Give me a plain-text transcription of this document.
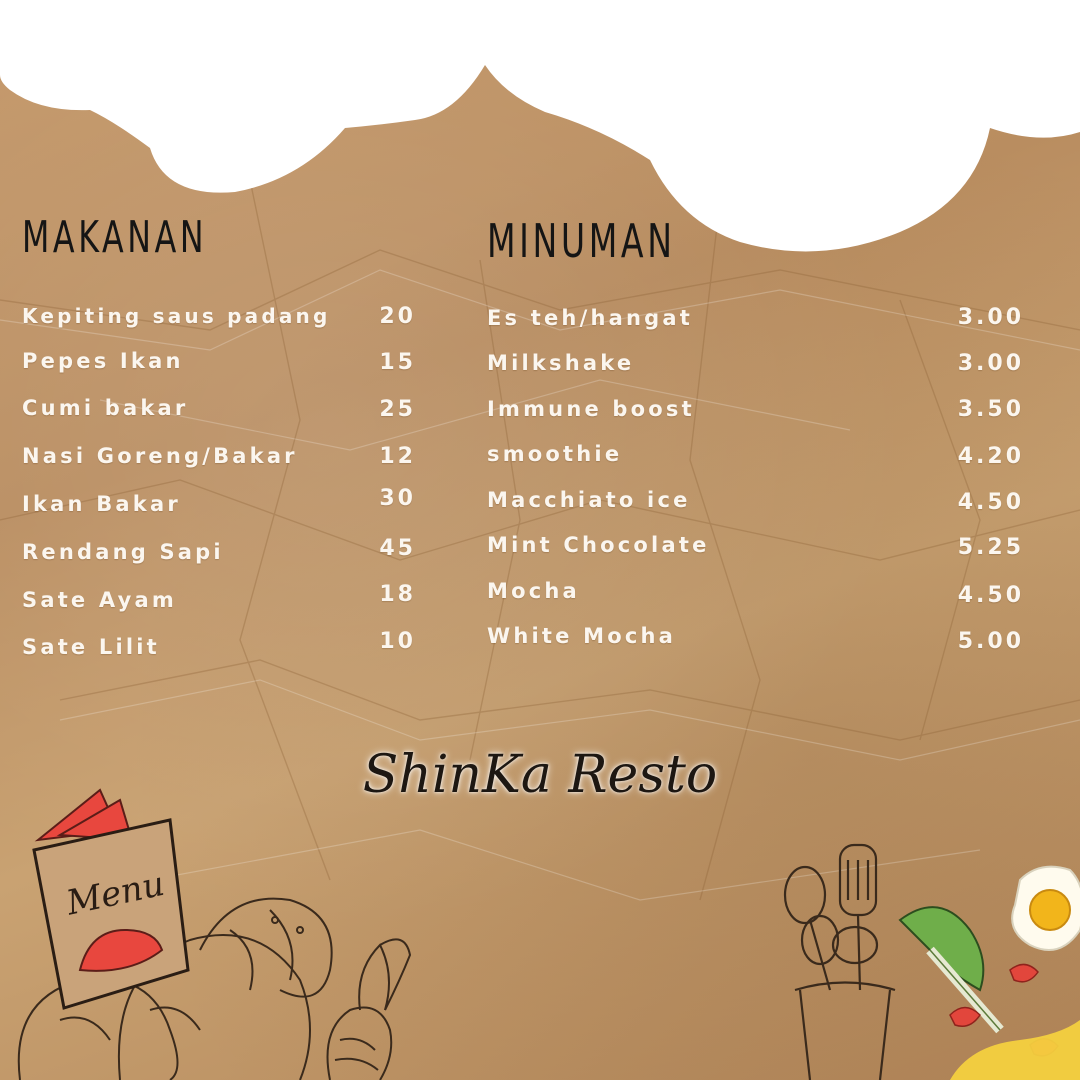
MAKANAN
Kepiting saus padang	20
Pepes Ikan	15
Cumi bakar	25
Nasi Goreng/Bakar	12
Ikan Bakar	30
Rendang Sapi	45
Sate Ayam	18
Sate Lilit	10
MINUMAN
Es teh/hangat	3.00
Milkshake	3.00
Immune boost	3.50
smoothie	4.20
Macchiato ice	4.50
Mint Chocolate	5.25
Mocha	4.50
White Mocha	5.00
ShinKa Resto
Menu
